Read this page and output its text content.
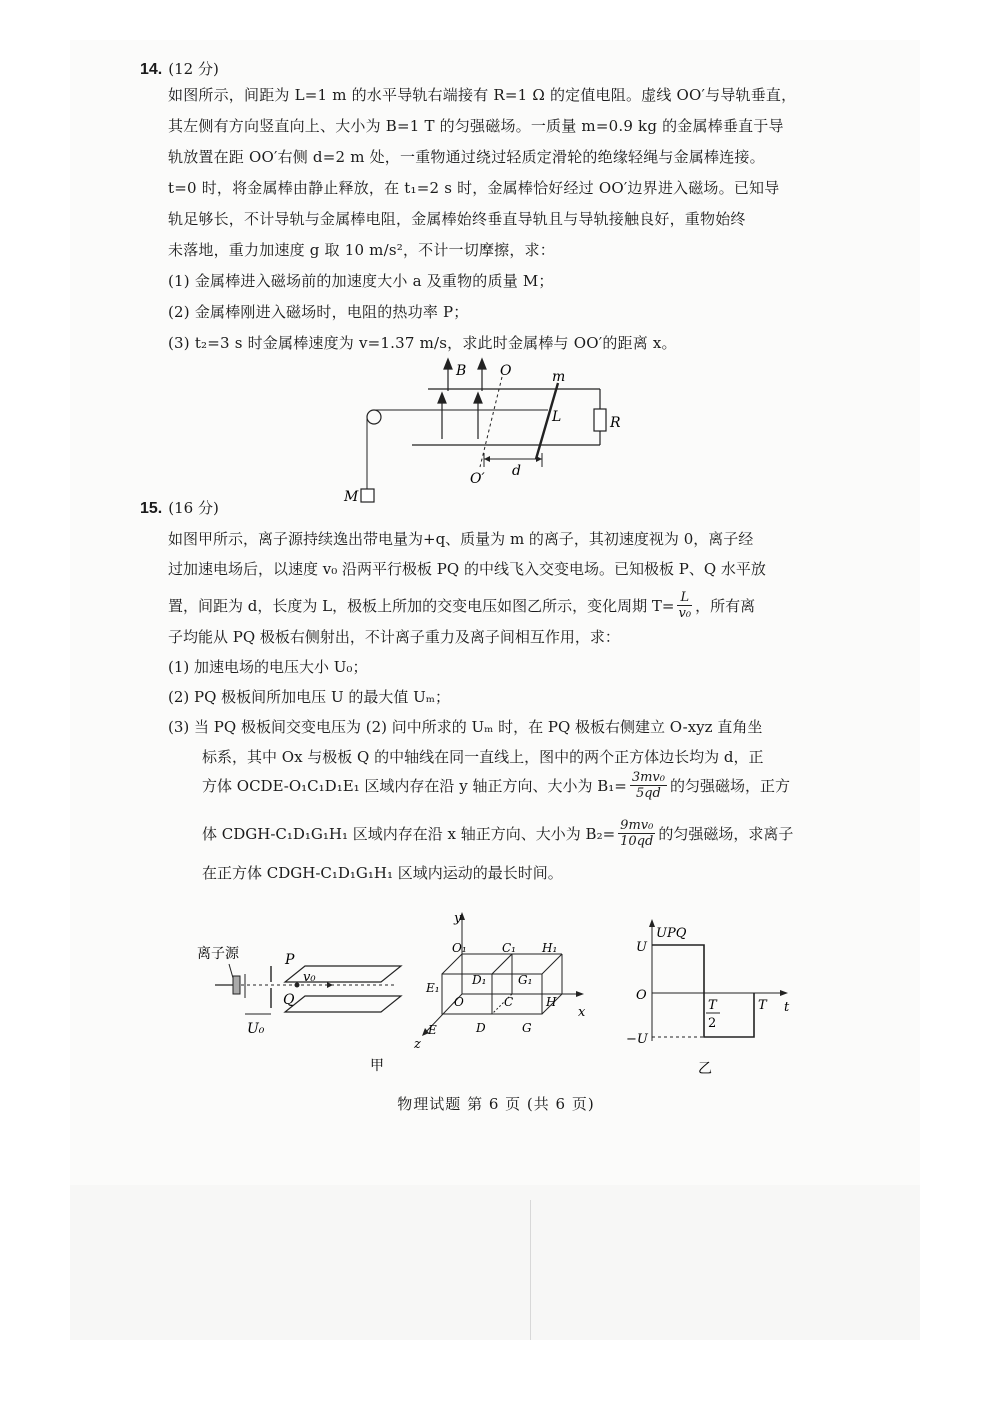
14. (12 分)
如图所示，间距为 L=1 m 的水平导轨右端接有 R=1 Ω 的定值电阻。虚线 OO′与导轨垂直，
其左侧有方向竖直向上、大小为 B=1 T 的匀强磁场。一质量 m=0.9 kg 的金属棒垂直于导
轨放置在距 OO′右侧 d=2 m 处，一重物通过绕过轻质定滑轮的绝缘轻绳与金属棒连接。
t=0 时，将金属棒由静止释放，在 t₁=2 s 时，金属棒恰好经过 OO′边界进入磁场。已知导
轨足够长，不计导轨与金属棒电阻，金属棒始终垂直导轨且与导轨接触良好，重物始终
未落地，重力加速度 g 取 10 m/s²，不计一切摩擦，求：
(1) 金属棒进入磁场前的加速度大小 a 及重物的质量 M；
(2) 金属棒刚进入磁场时，电阻的热功率 P；
(3) t₂=3 s 时金属棒速度为 v=1.37 m/s，求此时金属棒与 OO′的距离 x。
R
B O	m
L
M
d
O′
15. (16 分)
如图甲所示，离子源持续逸出带电量为+q、质量为 m 的离子，其初速度视为 0，离子经
过加速电场后，以速度 v₀ 沿两平行极板 PQ 的中线飞入交变电场。已知极板 P、Q 水平放
置，间距为 d，长度为 L，极板上所加的交变电压如图乙所示，变化周期 $T= \frac{L}{\text{v₀}}$ ，所有离
子均能从 PQ 极板右侧射出，不计离子重力及离子间相互作用，求：
(1) 加速电场的电压大小 U₀；
(2) PQ 极板间所加电压 U 的最大值 Uₘ；
(3) 当 PQ 极板间交变电压为 (2) 问中所求的 Uₘ 时，在 PQ 极板右侧建立 O-xyz 直角坐
标系，其中 Ox 与极板 Q 的中轴线在同一直线上，图中的两个正方体边长均为 d，正
方体 OCDE-O₁C₁D₁E₁ 区域内存在沿 y 轴正方向、大小为 $B_1= \frac{\text{3mv₀}}{5qd}$ 的匀强磁场，正方
体 CDGH-C₁D₁G₁H₁ 区域内存在沿 x 轴正方向、大小为 $B_2= \frac{\text{9mv₀}}{10qd}$ 的匀强磁场，求离子
在正方体 CDGH-C₁D₁G₁H₁ 区域内运动的最长时间。
离子源
U₀
P
Q
v₀
甲
y
x
z
O₁	C₁ H₁
E₁
D₁	G₁
O	C	H
E	D	G
UPQ
t
U
O
−U
T
2
T
乙
物理试题 第 6 页 (共 6 页)
